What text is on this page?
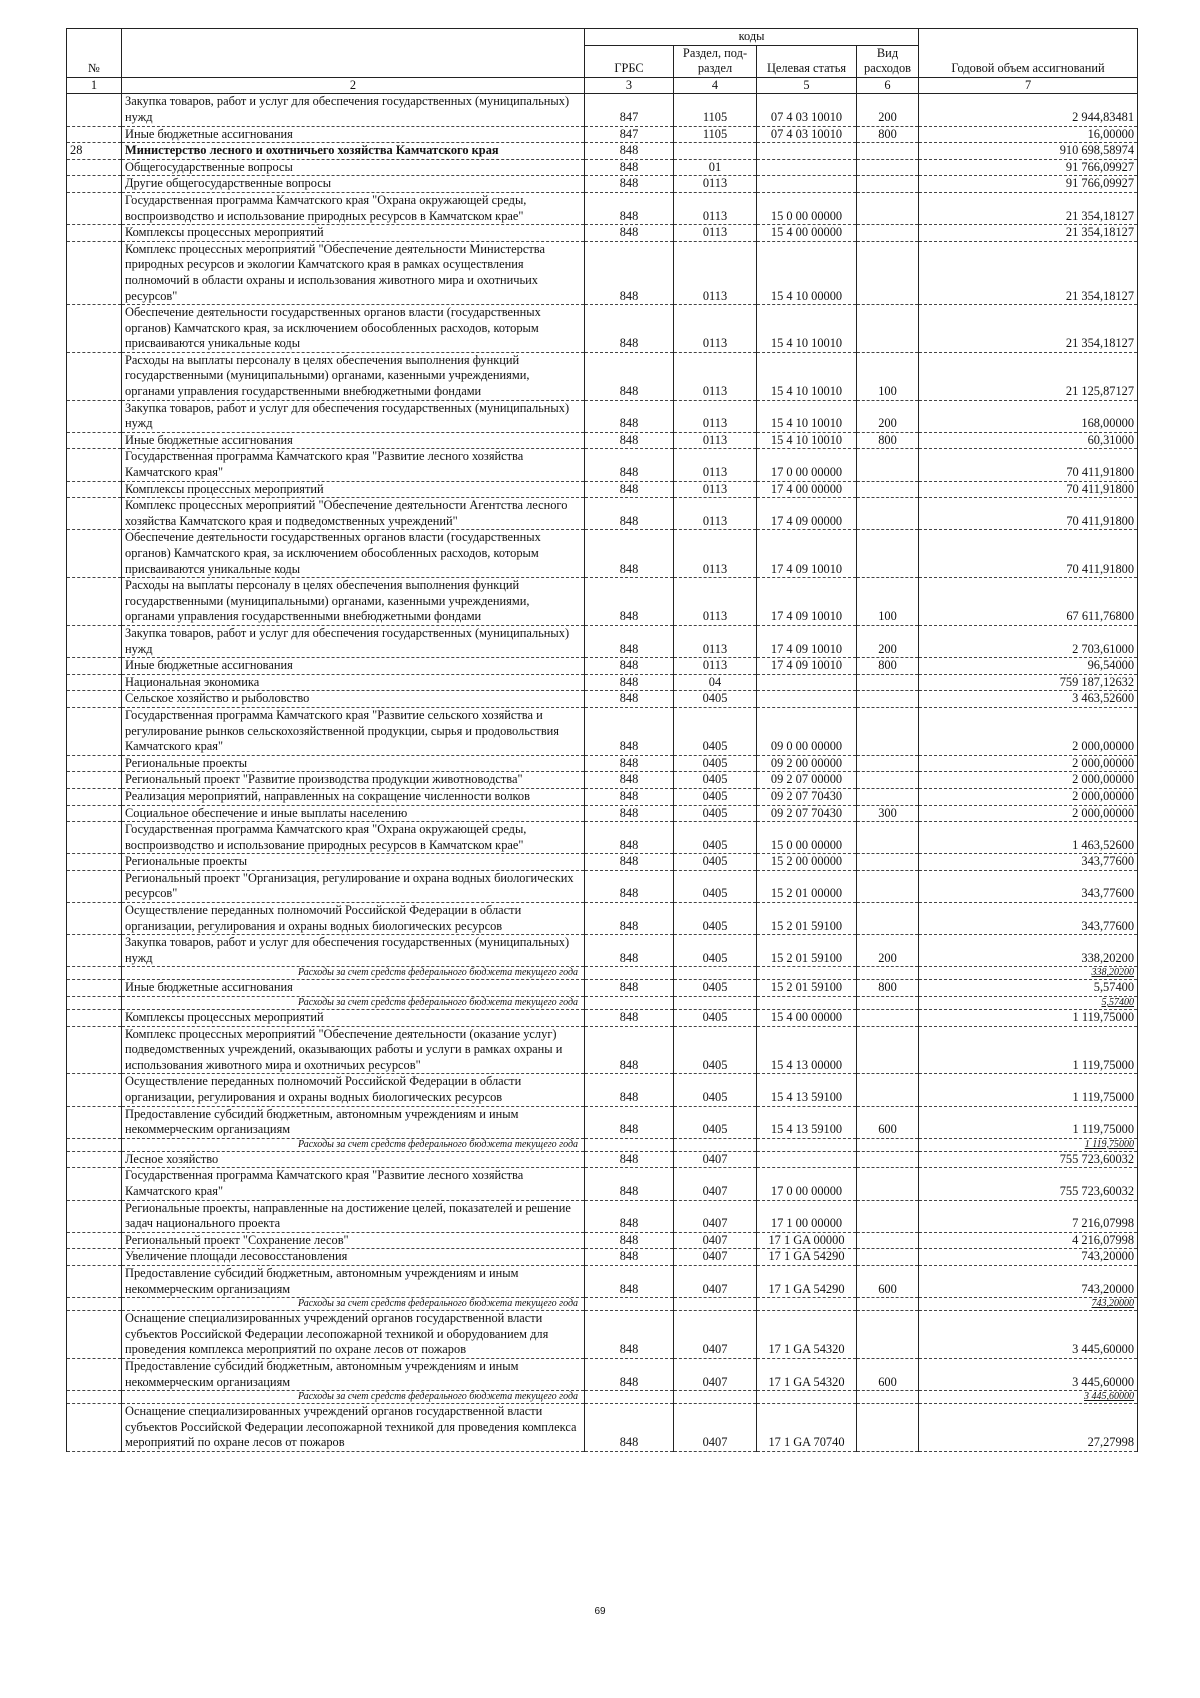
№		коды				Годовой объем ассигнований
		ГРБС	Раздел, под-раздел	Целевая статья	Вид расходов	
1	2	3	4	5	6	7
	Закупка товаров, работ и услуг для обеспечения государственных (муниципальных) нужд	847	1105	07 4 03 10010	200	2 944,83481
	Иные бюджетные ассигнования	847	1105	07 4 03 10010	800	16,00000
28	Министерство лесного и охотничьего хозяйства Камчатского края	848				910 698,58974
	Общегосударственные вопросы	848	01			91 766,09927
	Другие общегосударственные вопросы	848	0113			91 766,09927
	Государственная программа Камчатского края "Охрана окружающей среды, воспроизводство и использование природных ресурсов в Камчатском крае"	848	0113	15 0 00 00000		21 354,18127
	Комплексы процессных мероприятий	848	0113	15 4 00 00000		21 354,18127
	Комплекс процессных мероприятий "Обеспечение деятельности Министерства природных ресурсов и экологии Камчатского края в рамках осуществления полномочий в области охраны и использования животного мира и охотничьих ресурсов"	848	0113	15 4 10 00000		21 354,18127
	Обеспечение деятельности государственных органов власти (государственных органов) Камчатского края, за исключением обособленных расходов, которым присваиваются уникальные коды	848	0113	15 4 10 10010		21 354,18127
	Расходы на выплаты персоналу в целях обеспечения выполнения функций государственными (муниципальными) органами, казенными учреждениями, органами управления государственными внебюджетными фондами	848	0113	15 4 10 10010	100	21 125,87127
	Закупка товаров, работ и услуг для обеспечения государственных (муниципальных) нужд	848	0113	15 4 10 10010	200	168,00000
	Иные бюджетные ассигнования	848	0113	15 4 10 10010	800	60,31000
	Государственная программа Камчатского края "Развитие лесного хозяйства Камчатского края"	848	0113	17 0 00 00000		70 411,91800
	Комплексы процессных мероприятий	848	0113	17 4 00 00000		70 411,91800
	Комплекс процессных мероприятий "Обеспечение деятельности Агентства лесного хозяйства Камчатского края и подведомственных учреждений"	848	0113	17 4 09 00000		70 411,91800
	Обеспечение деятельности государственных органов власти (государственных органов) Камчатского края, за исключением обособленных расходов, которым присваиваются уникальные коды	848	0113	17 4 09 10010		70 411,91800
	Расходы на выплаты персоналу в целях обеспечения выполнения функций государственными (муниципальными) органами, казенными учреждениями, органами управления государственными внебюджетными фондами	848	0113	17 4 09 10010	100	67 611,76800
	Закупка товаров, работ и услуг для обеспечения государственных (муниципальных) нужд	848	0113	17 4 09 10010	200	2 703,61000
	Иные бюджетные ассигнования	848	0113	17 4 09 10010	800	96,54000
	Национальная экономика	848	04			759 187,12632
	Сельское хозяйство и рыболовство	848	0405			3 463,52600
	Государственная программа Камчатского края "Развитие сельского хозяйства и регулирование рынков сельскохозяйственной продукции, сырья и продовольствия Камчатского края"	848	0405	09 0 00 00000		2 000,00000
	Региональные проекты	848	0405	09 2 00 00000		2 000,00000
	Региональный проект "Развитие производства продукции животноводства"	848	0405	09 2 07 00000		2 000,00000
	Реализация мероприятий, направленных на сокращение численности волков	848	0405	09 2 07 70430		2 000,00000
	Социальное обеспечение и иные выплаты населению	848	0405	09 2 07 70430	300	2 000,00000
	Государственная программа Камчатского края "Охрана окружающей среды, воспроизводство и использование природных ресурсов в Камчатском крае"	848	0405	15 0 00 00000		1 463,52600
	Региональные проекты	848	0405	15 2 00 00000		343,77600
	Региональный проект "Организация, регулирование и охрана водных биологических ресурсов"	848	0405	15 2 01 00000		343,77600
	Осуществление переданных полномочий Российской Федерации в области организации, регулирования и охраны водных биологических ресурсов	848	0405	15 2 01 59100		343,77600
	Закупка товаров, работ и услуг для обеспечения государственных (муниципальных) нужд	848	0405	15 2 01 59100	200	338,20200
	Расходы за счет средств федерального бюджета текущего года					338,20200
	Иные бюджетные ассигнования	848	0405	15 2 01 59100	800	5,57400
	Расходы за счет средств федерального бюджета текущего года					5,57400
	Комплексы процессных мероприятий	848	0405	15 4 00 00000		1 119,75000
	Комплекс процессных мероприятий "Обеспечение деятельности (оказание услуг) подведомственных учреждений, оказывающих работы и услуги в рамках охраны и использования животного мира и охотничьих ресурсов"	848	0405	15 4 13 00000		1 119,75000
	Осуществление переданных полномочий Российской Федерации в области организации, регулирования и охраны водных биологических ресурсов	848	0405	15 4 13 59100		1 119,75000
	Предоставление субсидий бюджетным, автономным учреждениям и иным некоммерческим организациям	848	0405	15 4 13 59100	600	1 119,75000
	Расходы за счет средств федерального бюджета текущего года					1 119,75000
	Лесное хозяйство	848	0407			755 723,60032
	Государственная программа Камчатского края "Развитие лесного хозяйства Камчатского края"	848	0407	17 0 00 00000		755 723,60032
	Региональные проекты, направленные на достижение целей, показателей и решение задач национального проекта	848	0407	17 1 00 00000		7 216,07998
	Региональный проект "Сохранение лесов"	848	0407	17 1 GA 00000		4 216,07998
	Увеличение площади лесовосстановления	848	0407	17 1 GA 54290		743,20000
	Предоставление субсидий бюджетным, автономным учреждениям и иным некоммерческим организациям	848	0407	17 1 GA 54290	600	743,20000
	Расходы за счет средств федерального бюджета текущего года					743,20000
	Оснащение специализированных учреждений органов государственной власти субъектов Российской Федерации лесопожарной техникой и оборудованием для проведения комплекса мероприятий по охране лесов от пожаров	848	0407	17 1 GA 54320		3 445,60000
	Предоставление субсидий бюджетным, автономным учреждениям и иным некоммерческим организациям	848	0407	17 1 GA 54320	600	3 445,60000
	Расходы за счет средств федерального бюджета текущего года					3 445,60000
	Оснащение специализированных учреждений органов государственной власти субъектов Российской Федерации лесопожарной техникой для проведения комплекса мероприятий по охране лесов от пожаров	848	0407	17 1 GA 70740		27,27998
69
